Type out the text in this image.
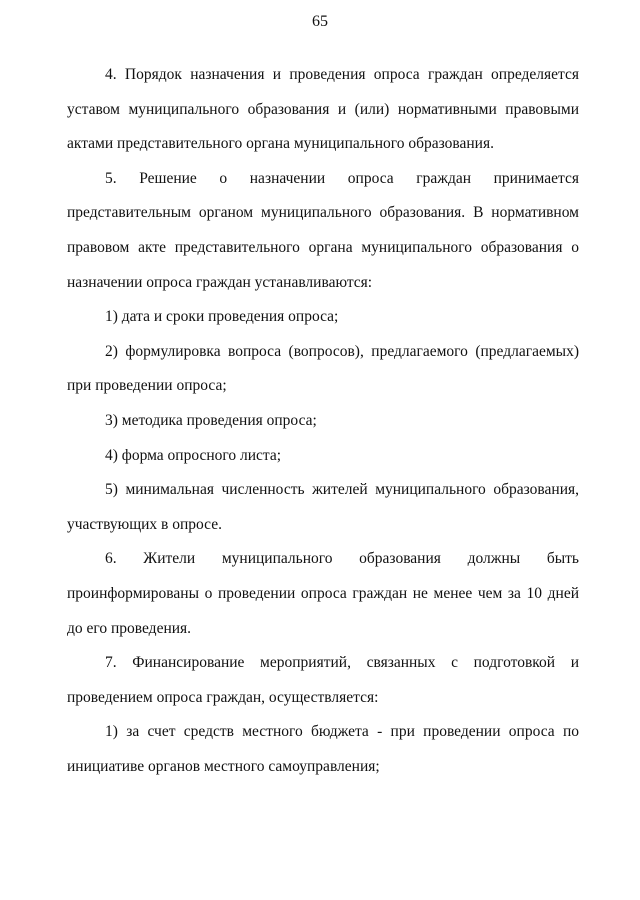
65

4. Порядок назначения и проведения опроса граждан определяется уставом муниципального образования и (или) нормативными правовыми актами представительного органа муниципального образования.

5. Решение о назначении опроса граждан принимается представительным органом муниципального образования. В нормативном правовом акте представительного органа муниципального образования о назначении опроса граждан устанавливаются:

1) дата и сроки проведения опроса;

2) формулировка вопроса (вопросов), предлагаемого (предлагаемых) при проведении опроса;

3) методика проведения опроса;

4) форма опросного листа;

5) минимальная численность жителей муниципального образования, участвующих в опросе.

6. Жители муниципального образования должны быть проинформированы о проведении опроса граждан не менее чем за 10 дней до его проведения.

7. Финансирование мероприятий, связанных с подготовкой и проведением опроса граждан, осуществляется:

1) за счет средств местного бюджета - при проведении опроса по инициативе органов местного самоуправления;
